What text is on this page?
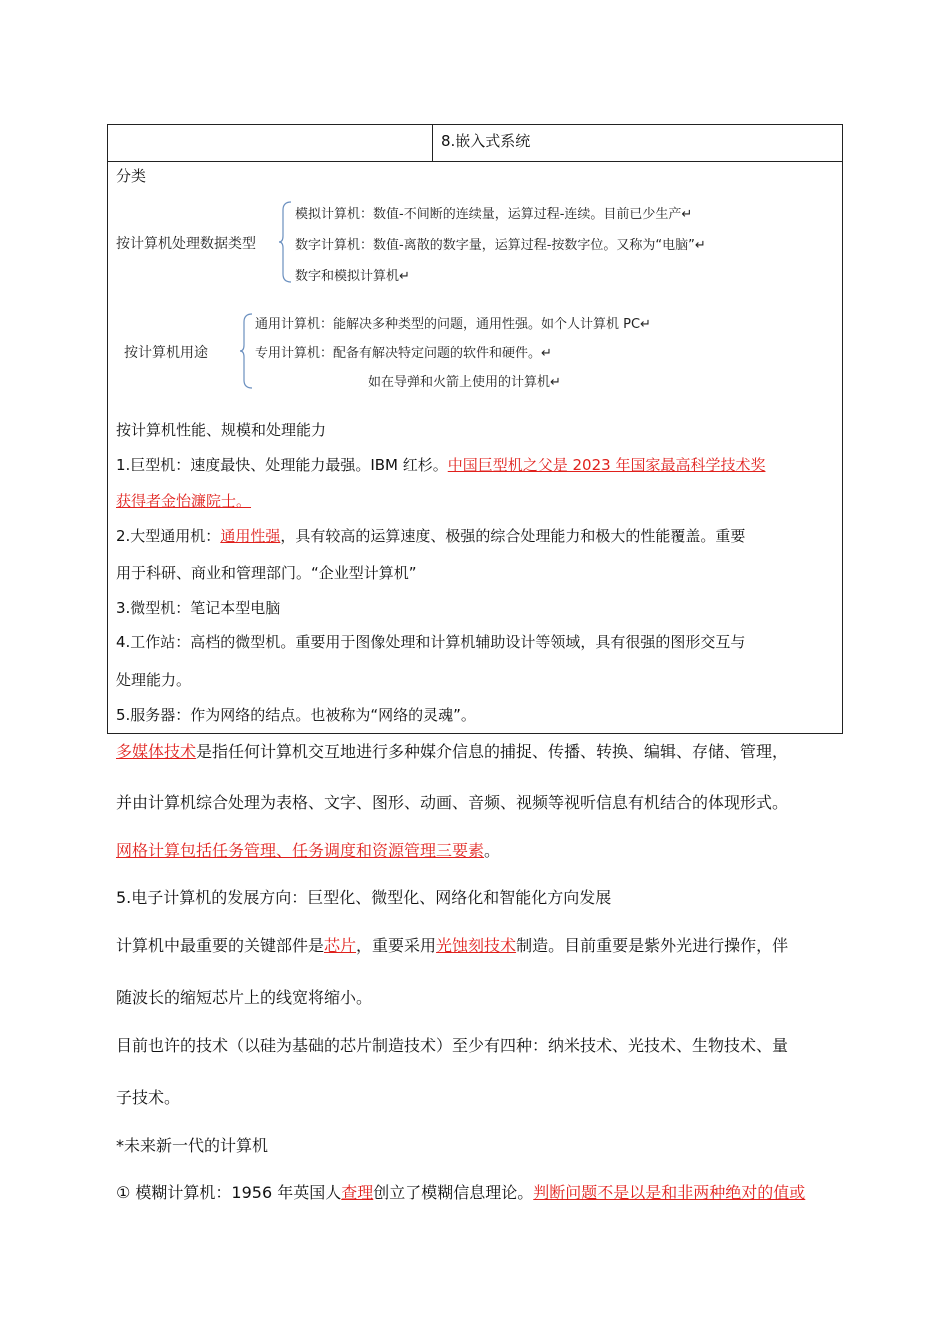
8.嵌入式系统
分类
按计算机处理数据类型
模拟计算机：数值-不间断的连续量，运算过程-连续。目前已少生产↵
数字计算机：数值-离散的数字量，运算过程-按数字位。又称为“电脑”↵
数字和模拟计算机↵
按计算机用途
通用计算机：能解决多种类型的问题，通用性强。如个人计算机 PC↵
专用计算机：配备有解决特定问题的软件和硬件。↵
如在导弹和火箭上使用的计算机↵
按计算机性能、规模和处理能力
1.巨型机：速度最快、处理能力最强。IBM 红杉。中国巨型机之父是 2023 年国家最高科学技术奖
获得者金怡濂院士。
2.大型通用机：通用性强，具有较高的运算速度、极强的综合处理能力和极大的性能覆盖。重要
用于科研、商业和管理部门。“企业型计算机”
3.微型机：笔记本型电脑
4.工作站：高档的微型机。重要用于图像处理和计算机辅助设计等领域，具有很强的图形交互与
处理能力。
5.服务器：作为网络的结点。也被称为“网络的灵魂”。
多媒体技术是指任何计算机交互地进行多种媒介信息的捕捉、传播、转换、编辑、存储、管理，
并由计算机综合处理为表格、文字、图形、动画、音频、视频等视听信息有机结合的体现形式。
网格计算包括任务管理、任务调度和资源管理三要素。
5.电子计算机的发展方向：巨型化、微型化、网络化和智能化方向发展
计算机中最重要的关键部件是芯片，重要采用光蚀刻技术制造。目前重要是紫外光进行操作，伴
随波长的缩短芯片上的线宽将缩小。
目前也许的技术（以硅为基础的芯片制造技术）至少有四种：纳米技术、光技术、生物技术、量
子技术。
*未来新一代的计算机
① 模糊计算机：1956 年英国人查理创立了模糊信息理论。判断问题不是以是和非两种绝对的值或
